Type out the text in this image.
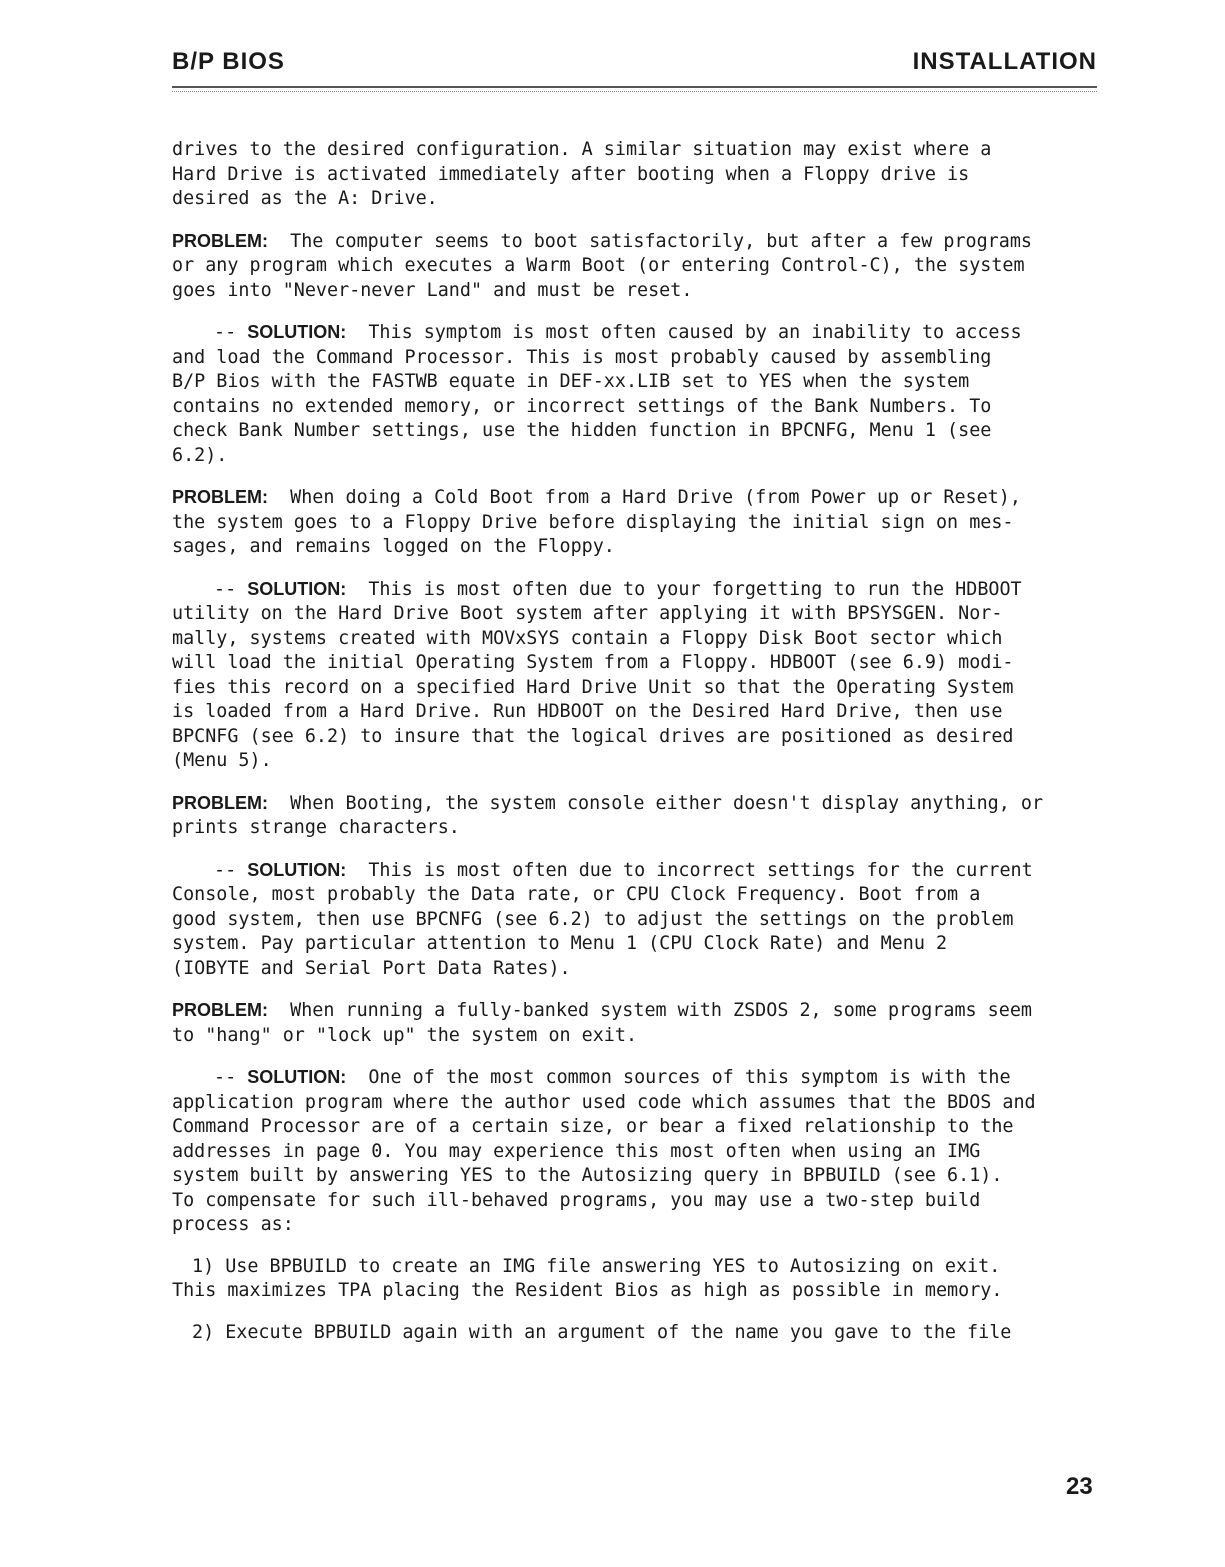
B/P BIOS	INSTALLATION
drives to the desired configuration. A similar situation may exist where a
Hard Drive is activated immediately after booting when a Floppy drive is
desired as the A: Drive.
PROBLEM:  The computer seems to boot satisfactorily, but after a few programs
or any program which executes a Warm Boot (or entering Control-C), the system
goes into "Never-never Land" and must be reset.
-- SOLUTION:  This symptom is most often caused by an inability to access
and load the Command Processor. This is most probably caused by assembling
B/P Bios with the FASTWB equate in DEF-xx.LIB set to YES when the system
contains no extended memory, or incorrect settings of the Bank Numbers. To
check Bank Number settings, use the hidden function in BPCNFG, Menu 1 (see
6.2).
PROBLEM:  When doing a Cold Boot from a Hard Drive (from Power up or Reset),
the system goes to a Floppy Drive before displaying the initial sign on mes-
sages, and remains logged on the Floppy.
-- SOLUTION:  This is most often due to your forgetting to run the HDBOOT
utility on the Hard Drive Boot system after applying it with BPSYSGEN. Nor-
mally, systems created with MOVxSYS contain a Floppy Disk Boot sector which
will load the initial Operating System from a Floppy. HDBOOT (see 6.9) modi-
fies this record on a specified Hard Drive Unit so that the Operating System
is loaded from a Hard Drive. Run HDBOOT on the Desired Hard Drive, then use
BPCNFG (see 6.2) to insure that the logical drives are positioned as desired
(Menu 5).
PROBLEM:  When Booting, the system console either doesn't display anything, or
prints strange characters.
-- SOLUTION:  This is most often due to incorrect settings for the current
Console, most probably the Data rate, or CPU Clock Frequency. Boot from a
good system, then use BPCNFG (see 6.2) to adjust the settings on the problem
system. Pay particular attention to Menu 1 (CPU Clock Rate) and Menu 2
(IOBYTE and Serial Port Data Rates).
PROBLEM:  When running a fully-banked system with ZSDOS 2, some programs seem
to "hang" or "lock up" the system on exit.
-- SOLUTION:  One of the most common sources of this symptom is with the
application program where the author used code which assumes that the BDOS and
Command Processor are of a certain size, or bear a fixed relationship to the
addresses in page 0. You may experience this most often when using an IMG
system built by answering YES to the Autosizing query in BPBUILD (see 6.1).
To compensate for such ill-behaved programs, you may use a two-step build
process as:
1) Use BPBUILD to create an IMG file answering YES to Autosizing on exit.
This maximizes TPA placing the Resident Bios as high as possible in memory.
2) Execute BPBUILD again with an argument of the name you gave to the file
23
